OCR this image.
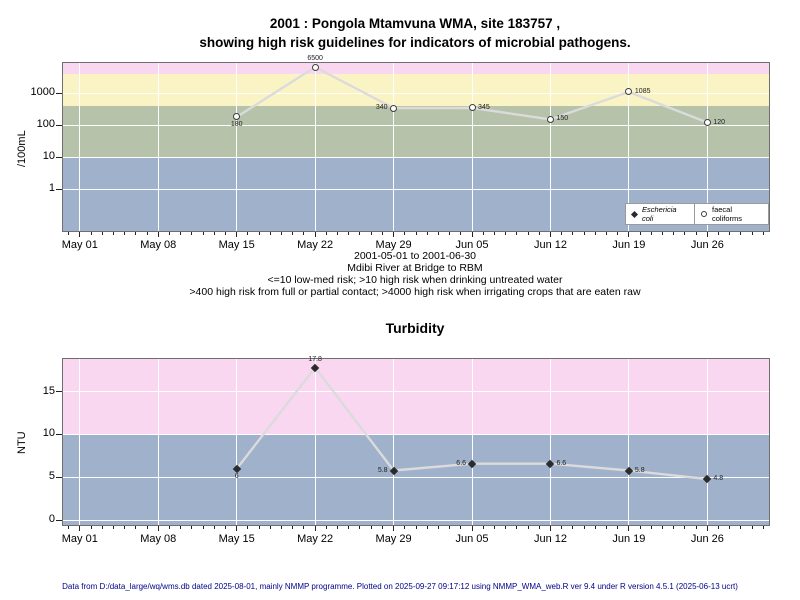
2001 : Pongola Mtamvuna WMA, site 183757 ,
showing high risk guidelines for indicators of microbial pathogens.
/100mL
Eschericia coli
faecal coliforms
180
6500
340	345
150
1085
120
May 01	May 08	May 15	May 22	May 29	Jun 05	Jun 12	Jun 19	Jun 26
1
10
100
1000
2001-05-01 to 2001-06-30
Mdibi River at Bridge to RBM
<=10 low-med risk; >10 high risk when drinking untreated water
>400 high risk from full or partial contact; >4000 high risk when irrigating crops that are eaten raw
Turbidity
NTU
6
17.8
5.8
6.6	6.6
5.8
4.8
May 01	May 08	May 15	May 22	May 29	Jun 05	Jun 12	Jun 19	Jun 26
0
5
10
15
Data from D:/data_large/wq/wms.db dated 2025-08-01, mainly NMMP programme. Plotted on 2025-09-27 09:17:12 using NMMP_WMA_web.R ver 9.4 under R version 4.5.1 (2025-06-13 ucrt)
